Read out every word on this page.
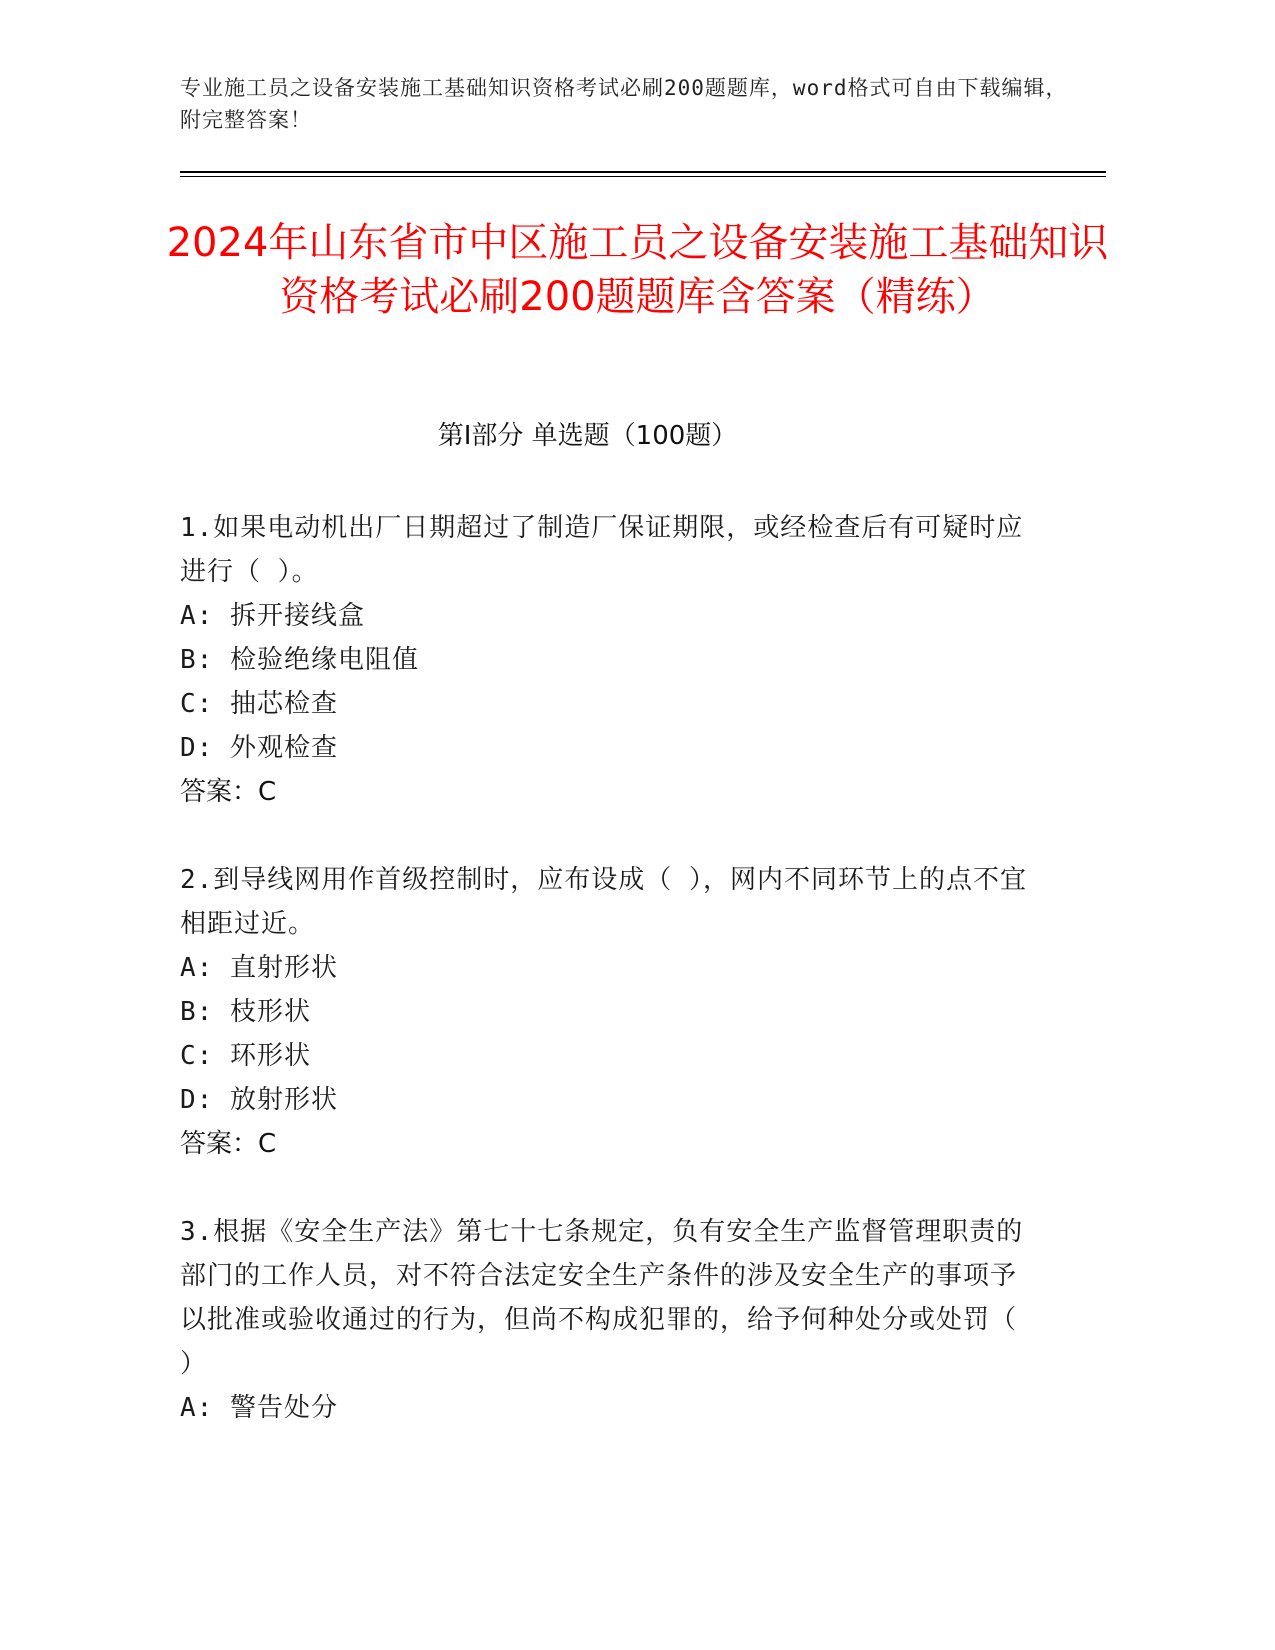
专业施工员之设备安装施工基础知识资格考试必刷200题题库，word格式可自由下载编辑，附完整答案！
2024年山东省市中区施工员之设备安装施工基础知识资格考试必刷200题题库含答案（精练）
第Ⅰ部分 单选题（100题）
1.如果电动机出厂日期超过了制造厂保证期限，或经检查后有可疑时应进行（ ）。
A: 拆开接线盒
B: 检验绝缘电阻值
C: 抽芯检查
D: 外观检查
答案：C
2.到导线网用作首级控制时，应布设成（ ），网内不同环节上的点不宜相距过近。
A: 直射形状
B: 枝形状
C: 环形状
D: 放射形状
答案：C
3.根据《安全生产法》第七十七条规定，负有安全生产监督管理职责的部门的工作人员，对不符合法定安全生产条件的涉及安全生产的事项予以批准或验收通过的行为，但尚不构成犯罪的，给予何种处分或处罚（ ）
A: 警告处分
